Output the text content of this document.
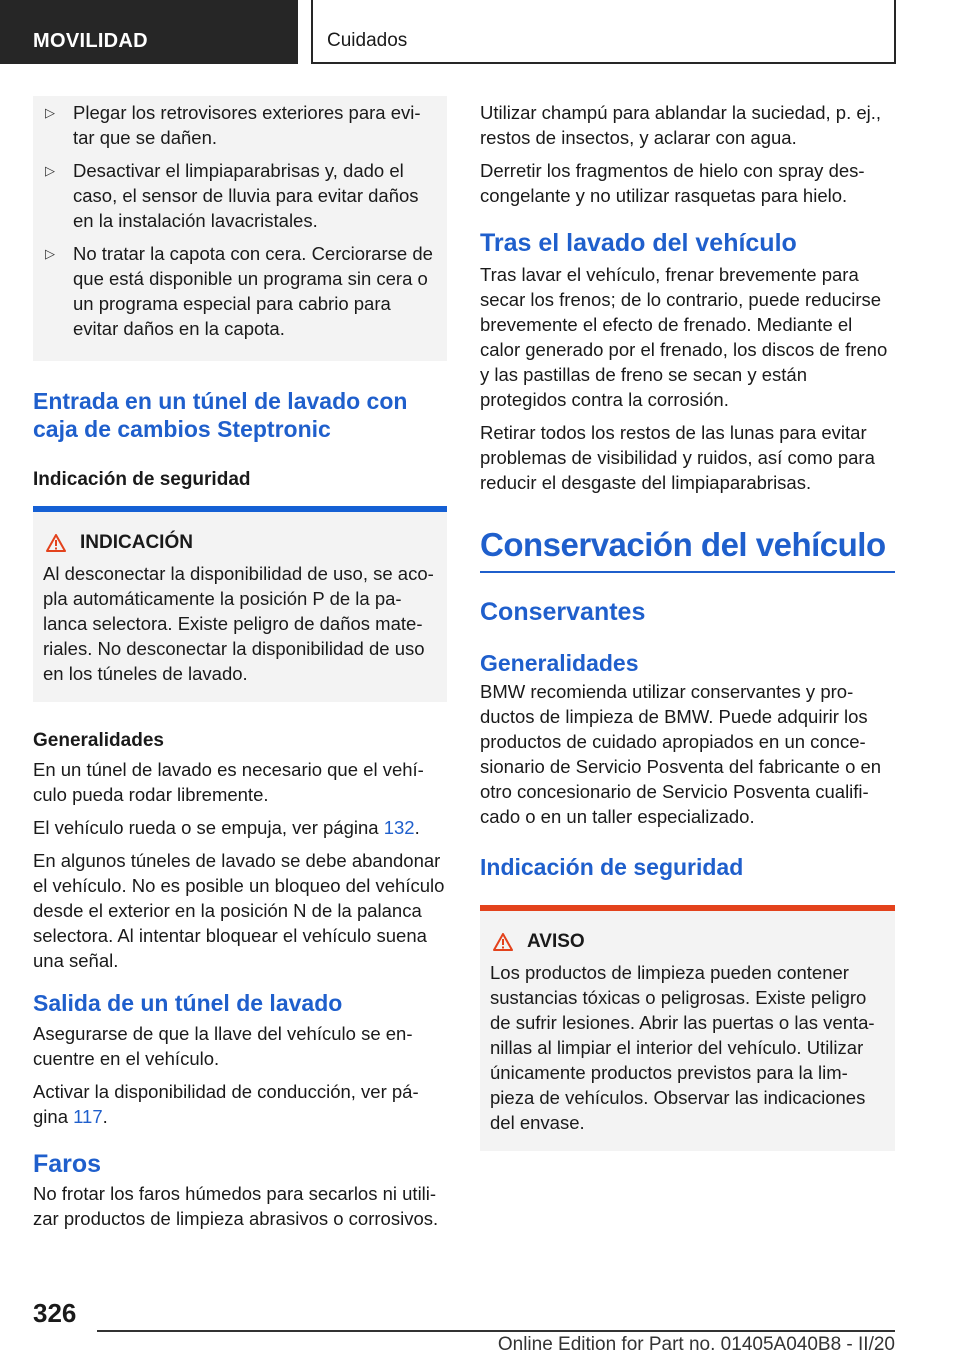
MOVILIDAD	Cuidados
▷ Plegar los retrovisores exteriores para evitar que se dañen.
▷ Desactivar el limpiaparabrisas y, dado el caso, el sensor de lluvia para evitar daños en la instalación lavacristales.
▷ No tratar la capota con cera. Cerciorarse de que está disponible un programa sin cera o un programa especial para cabrio para evitar daños en la capota.
Entrada en un túnel de lavado con caja de cambios Steptronic
Indicación de seguridad
INDICACIÓN

Al desconectar la disponibilidad de uso, se acopla automáticamente la posición P de la palanca selectora. Existe peligro de daños materiales. No desconectar la disponibilidad de uso en los túneles de lavado.

Generalidades

En un túnel de lavado es necesario que el vehículo pueda rodar libremente.

El vehículo rueda o se empuja, ver página 132.

En algunos túneles de lavado se debe abandonar el vehículo. No es posible un bloqueo del vehículo desde el exterior en la posición N de la palanca selectora. Al intentar bloquear el vehículo suena una señal.

Salida de un túnel de lavado

Asegurarse de que la llave del vehículo se encuentre en el vehículo.

Activar la disponibilidad de conducción, ver página 117.

Faros

No frotar los faros húmedos para secarlos ni utilizar productos de limpieza abrasivos o corrosivos.

Utilizar champú para ablandar la suciedad, p. ej., restos de insectos, y aclarar con agua.

Derretir los fragmentos de hielo con spray descongelante y no utilizar rasquetas para hielo.

Tras el lavado del vehículo

Tras lavar el vehículo, frenar brevemente para secar los frenos; de lo contrario, puede reducirse brevemente el efecto de frenado. Mediante el calor generado por el frenado, los discos de freno y las pastillas de freno se secan y están protegidos contra la corrosión.

Retirar todos los restos de las lunas para evitar problemas de visibilidad y ruidos, así como para reducir el desgaste del limpiaparabrisas.

Conservación del vehículo
Conservantes
Generalidades

BMW recomienda utilizar conservantes y productos de limpieza de BMW. Puede adquirir los productos de cuidado apropiados en un concesionario de Servicio Posventa del fabricante o en otro concesionario de Servicio Posventa cualificado o en un taller especializado.

Indicación de seguridad
AVISO

Los productos de limpieza pueden contener sustancias tóxicas o peligrosas. Existe peligro de sufrir lesiones. Abrir las puertas o las ventanillas al limpiar el interior del vehículo. Utilizar únicamente productos previstos para la limpieza de vehículos. Observar las indicaciones del envase.

326
Online Edition for Part no. 01405A040B8 - II/20
